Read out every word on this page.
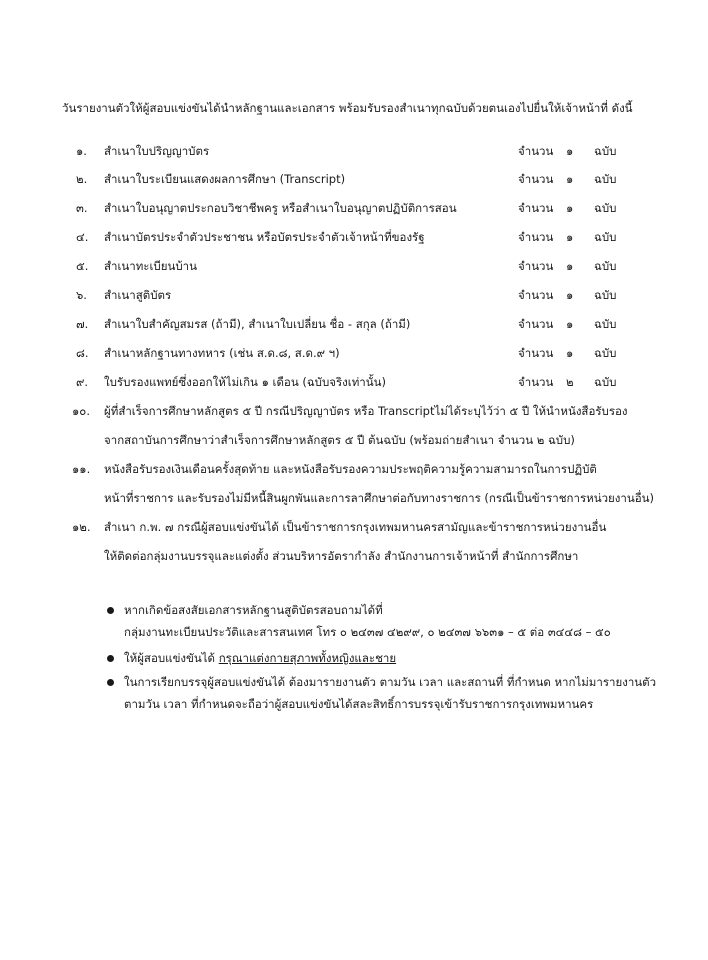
วันรายงานตัวให้ผู้สอบแข่งขันได้นำหลักฐานและเอกสาร พร้อมรับรองสำเนาทุกฉบับด้วยตนเองไปยื่นให้เจ้าหน้าที่ ดังนี้
๑. สำเนาใบปริญญาบัตร	จำนวน ๑ ฉบับ
๒. สำเนาใบระเบียนแสดงผลการศึกษา (Transcript)	จำนวน ๑ ฉบับ
๓. สำเนาใบอนุญาตประกอบวิชาชีพครู หรือสำเนาใบอนุญาตปฏิบัติการสอน	จำนวน ๑ ฉบับ
๔. สำเนาบัตรประจำตัวประชาชน หรือบัตรประจำตัวเจ้าหน้าที่ของรัฐ	จำนวน ๑ ฉบับ
๕. สำเนาทะเบียนบ้าน	จำนวน ๑ ฉบับ
๖. สำเนาสูติบัตร	จำนวน ๑ ฉบับ
๗. สำเนาใบสำคัญสมรส (ถ้ามี), สำเนาใบเปลี่ยน ชื่อ - สกุล (ถ้ามี)	จำนวน ๑ ฉบับ
๘. สำเนาหลักฐานทางทหาร (เช่น ส.ด.๘, ส.ด.๙ ฯ)	จำนวน ๑ ฉบับ
๙. ใบรับรองแพทย์ซึ่งออกให้ไม่เกิน ๑ เดือน (ฉบับจริงเท่านั้น)	จำนวน ๒ ฉบับ
๑๐. ผู้ที่สำเร็จการศึกษาหลักสูตร ๕ ปี กรณีปริญญาบัตร หรือ Transcriptไม่ได้ระบุไว้ว่า ๕ ปี ให้นำหนังสือรับรอง
จากสถาบันการศึกษาว่าสำเร็จการศึกษาหลักสูตร ๕ ปี ต้นฉบับ (พร้อมถ่ายสำเนา จำนวน ๒ ฉบับ)
๑๑. หนังสือรับรองเงินเดือนครั้งสุดท้าย และหนังสือรับรองความประพฤติความรู้ความสามารถในการปฏิบัติ
หน้าที่ราชการ และรับรองไม่มีหนี้สินผูกพันและการลาศึกษาต่อกับทางราชการ (กรณีเป็นข้าราชการหน่วยงานอื่น)
๑๒. สำเนา ก.พ. ๗ กรณีผู้สอบแข่งขันได้ เป็นข้าราชการกรุงเทพมหานครสามัญและข้าราชการหน่วยงานอื่น
ให้ติดต่อกลุ่มงานบรรจุและแต่งตั้ง ส่วนบริหารอัตรากำลัง สำนักงานการเจ้าหน้าที่ สำนักการศึกษา
หากเกิดข้อสงสัยเอกสารหลักฐานสูติบัตรสอบถามได้ที่
กลุ่มงานทะเบียนประวัติและสารสนเทศ โทร ๐ ๒๔๓๗ ๔๒๙๙, ๐ ๒๔๓๗ ๖๖๓๑ – ๕ ต่อ ๓๔๔๘ – ๕๐
ให้ผู้สอบแข่งขันได้ กรุณาแต่งกายสุภาพทั้งหญิงและชาย
ในการเรียกบรรจุผู้สอบแข่งขันได้ ต้องมารายงานตัว ตามวัน เวลา และสถานที่ ที่กำหนด หากไม่มารายงานตัว
ตามวัน เวลา ที่กำหนดจะถือว่าผู้สอบแข่งขันได้สละสิทธิ์การบรรจุเข้ารับราชการกรุงเทพมหานคร
